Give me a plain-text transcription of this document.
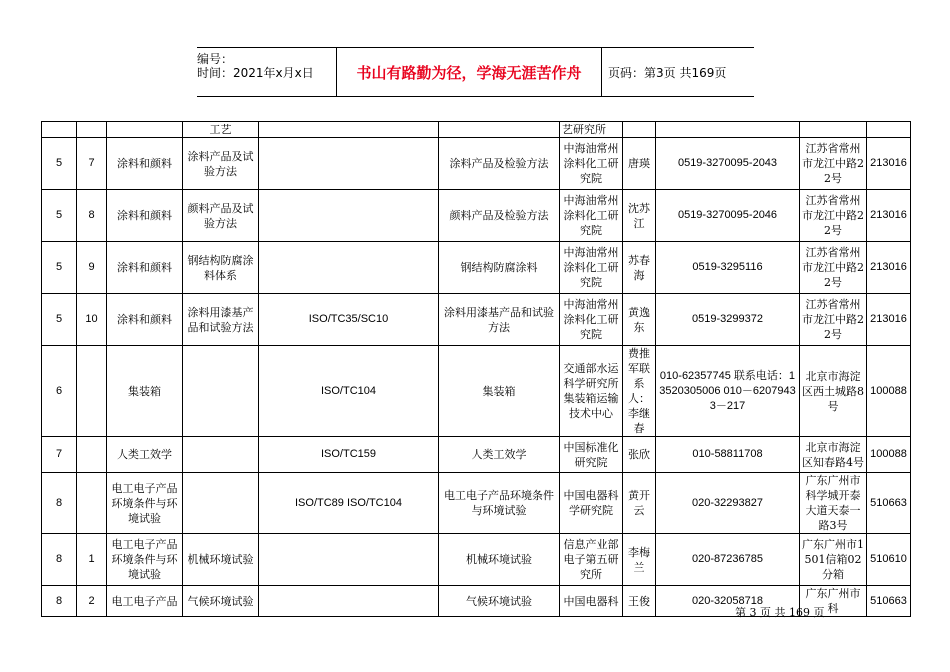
编号：
时间：2021年x月x日	书山有路勤为径，学海无涯苦作舟	页码：第3页 共169页
			工艺			艺研究所				
5	7	涂料和颜料	涂料产品及试验方法		涂料产品及检验方法	中海油常州涂料化工研究院	唐瑛	0519-3270095-2043	江苏省常州市龙江中路22号	213016
5	8	涂料和颜料	颜料产品及试验方法		颜料产品及检验方法	中海油常州涂料化工研究院	沈苏江	0519-3270095-2046	江苏省常州市龙江中路22号	213016
5	9	涂料和颜料	钢结构防腐涂料体系		钢结构防腐涂料	中海油常州涂料化工研究院	苏春海	0519-3295116	江苏省常州市龙江中路22号	213016
5	10	涂料和颜料	涂料用漆基产品和试验方法	ISO/TC35/SC10	涂料用漆基产品和试验方法	中海油常州涂料化工研究院	黄逸东	0519-3299372	江苏省常州市龙江中路22号	213016
6		集装箱		ISO/TC104	集装箱	交通部水运科学研究所集装箱运输技术中心	费推军联系人：李继春	010-62357745 联系电话：13520305006 010－62079433－217	北京市海淀区西土城路8号	100088
7		人类工效学		ISO/TC159	人类工效学	中国标准化研究院	张欣	010-58811708	北京市海淀区知春路4号	100088
8		电工电子产品环境条件与环境试验		ISO/TC89 ISO/TC104	电工电子产品环境条件与环境试验	中国电器科学研究院	黄开云	020-32293827	广东广州市科学城开泰大道天泰一路3号	510663
8	1	电工电子产品环境条件与环境试验	机械环境试验		机械环境试验	信息产业部电子第五研究所	李梅兰	020-87236785	广东广州市1501信箱02分箱	510610
8	2	电工电子产品	气候环境试验		气候环境试验	中国电器科	王俊	020-32058718	广东广州市科	510663
第 3 页 共 169 页
